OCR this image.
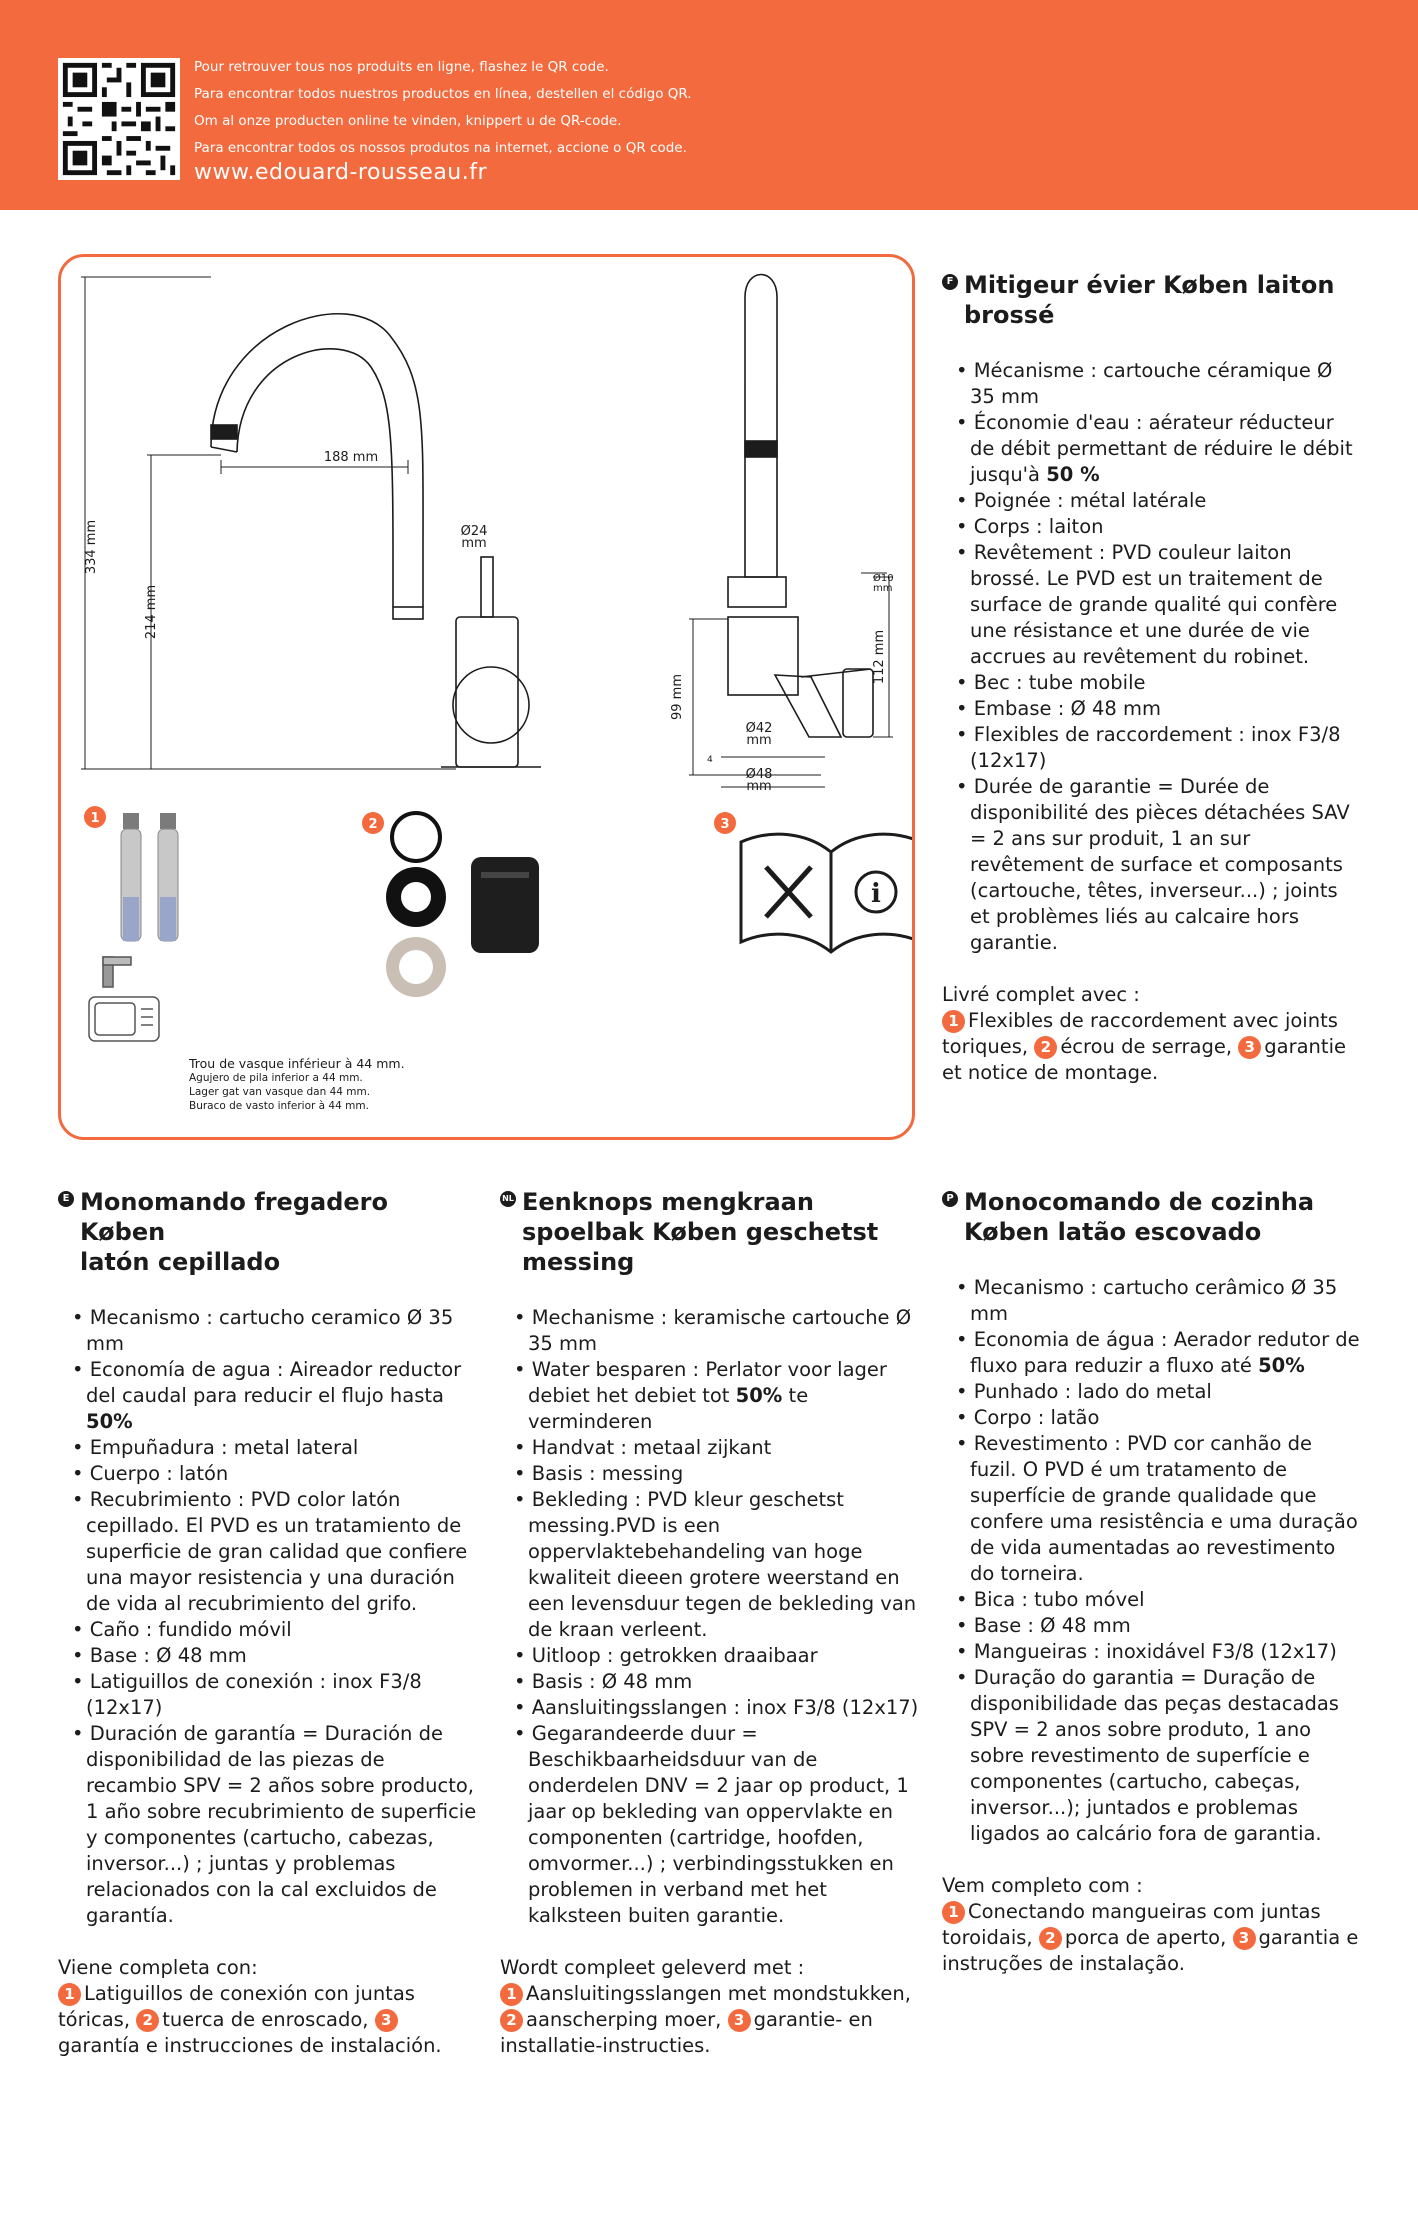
Pour retrouver tous nos produits en ligne, flashez le QR code.
Para encontrar todos nuestros productos en línea, destellen el código QR.
Om al onze producten online te vinden, knippert u de QR-code.
Para encontrar todos os nossos produtos na internet, accione o QR code.
www.edouard-rousseau.fr
334 mm
214 mm
188 mm
Ø24
mm
99 mm
112 mm
Ø42
mm
Ø48
mm
Ø10
mm
4
1	2	3
i
Trou de vasque inférieur à 44 mm.
Agujero de pila inferior a 44 mm.
Lager gat van vasque dan 44 mm.
Buraco de vasto inferior à 44 mm.
F Mitigeur évier Køben laiton
brossé
• Mécanisme : cartouche céramique Ø 35 mm
• Économie d'eau : aérateur réducteur de débit permettant de réduire le débit jusqu'à 50 %
• Poignée : métal latérale
• Corps : laiton
• Revêtement : PVD couleur laiton brossé. Le PVD est un traitement de surface de grande qualité qui confère une résistance et une durée de vie accrues au revêtement du robinet.
• Bec : tube mobile
• Embase : Ø 48 mm
• Flexibles de raccordement : inox F3/8 (12x17)
• Durée de garantie = Durée de disponibilité des pièces détachées SAV = 2 ans sur produit, 1 an sur revêtement de surface et composants (cartouche, têtes, inverseur...) ; joints et problèmes liés au calcaire hors garantie.
Livré complet avec :
1 Flexibles de raccordement avec joints toriques, 2 écrou de serrage, 3 garantie et notice de montage.
E Monomando fregadero Køben
latón cepillado
• Mecanismo : cartucho ceramico Ø 35 mm
• Economía de agua : Aireador reductor del caudal para reducir el flujo hasta 50%
• Empuñadura : metal lateral
• Cuerpo : latón
• Recubrimiento : PVD color latón cepillado. El PVD es un tratamiento de superficie de gran calidad que confiere una mayor resistencia y una duración de vida al recubrimiento del grifo.
• Caño : fundido móvil
• Base : Ø 48 mm
• Latiguillos de conexión : inox F3/8 (12x17)
• Duración de garantía = Duración de disponibilidad de las piezas de recambio SPV = 2 años sobre producto, 1 año sobre recubrimiento de superficie y componentes (cartucho, cabezas, inversor...) ; juntas y problemas relacionados con la cal excluidos de garantía.
Viene completa con:
1 Latiguillos de conexión con juntas tóricas, 2 tuerca de enroscado, 3garantía e instrucciones de instalación.
NL Eenknops mengkraan
spoelbak Køben geschetst
messing
• Mechanisme : keramische cartouche Ø 35 mm
• Water besparen : Perlator voor lager debiet het debiet tot 50% te verminderen
• Handvat : metaal zijkant
• Basis : messing
• Bekleding : PVD kleur geschetst messing.PVD is een oppervlaktebehandeling van hoge kwaliteit dieeen grotere weerstand en een levensduur tegen de bekleding van de kraan verleent.
• Uitloop : getrokken draaibaar
• Basis : Ø 48 mm
• Aansluitingsslangen : inox F3/8 (12x17)
• Gegarandeerde duur = Beschikbaarheidsduur van de onderdelen DNV = 2 jaar op product, 1 jaar op bekleding van oppervlakte en componenten (cartridge, hoofden, omvormer...) ; verbindingsstukken en problemen in verband met het kalksteen buiten garantie.
Wordt compleet geleverd met :
1 Aansluitingsslangen met mondstukken, 2 aanscherping moer, 3 garantie- en installatie-instructies.
P Monocomando de cozinha
Køben latão escovado
• Mecanismo : cartucho cerâmico Ø 35 mm
• Economia de água : Aerador redutor de fluxo para reduzir a fluxo até 50%
• Punhado : lado do metal
• Corpo : latão
• Revestimento : PVD cor canhão de fuzil. O PVD é um tratamento de superfície de grande qualidade que confere uma resistência e uma duração de vida aumentadas ao revestimento do torneira.
• Bica : tubo móvel
• Base : Ø 48 mm
• Mangueiras : inoxidável F3/8 (12x17)
• Duração do garantia = Duração de disponibilidade das peças destacadas SPV = 2 anos sobre produto, 1 ano sobre revestimento de superfície e componentes (cartucho, cabeças, inversor...); juntados e problemas ligados ao calcário fora de garantia.
Vem completo com :
1 Conectando mangueiras com juntas toroidais, 2 porca de aperto, 3 garantia e instruções de instalação.
